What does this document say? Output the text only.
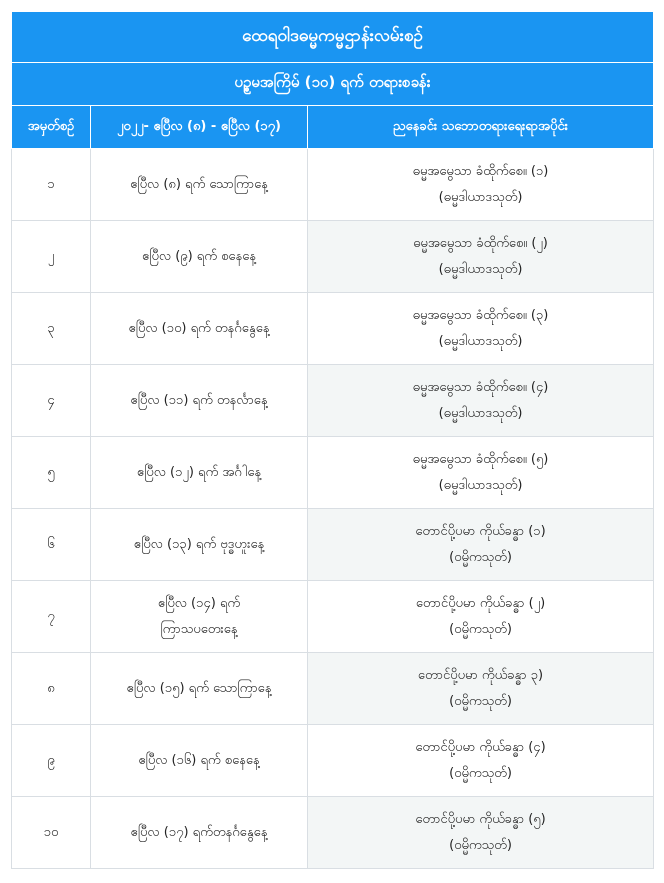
ထေရဝါဒဓမ္မကမ္မဌာန်းလမ်းစဥ်		
ပဥ္စမအကြိမ် (၁၀) ရက် တရားစခန်း		
အမှတ်စဥ်	၂၀၂၂- ဧပြီလ (၈) - ဧပြီလ (၁၇)	ညနေခင်း သဘောတရားရေးရာအပိုင်း
၁	ဧပြီလ (၈) ရက် သောကြာနေ့	ဓမ္မအမွေသာ ခံထိုက်စေ။ (၁)
(ဓမ္မဒါယာဒသုတ်)

၂	ဧပြီလ (၉) ရက် စနေနေ့	ဓမ္မအမွေသာ ခံထိုက်စေ။ (၂)
(ဓမ္မဒါယာဒသုတ်)

၃	ဧပြီလ (၁၀) ရက် တနင်္ဂနွေနေ့	ဓမ္မအမွေသာ ခံထိုက်စေ။ (၃)
(ဓမ္မဒါယာဒသုတ်)

၄	ဧပြီလ (၁၁) ရက် တနင်္လာနေ့	ဓမ္မအမွေသာ ခံထိုက်စေ။ (၄)
(ဓမ္မဒါယာဒသုတ်)

၅	ဧပြီလ (၁၂) ရက် အင်္ဂါနေ့	ဓမ္မအမွေသာ ခံထိုက်စေ။ (၅)
(ဓမ္မဒါယာဒသုတ်)

၆	ဧပြီလ (၁၃) ရက် ဗုဒ္ဓဟူးနေ့	တောင်ပို့ပမာ ကိုယ်ခန္ဓာ (၁)
(ဝမ္မိကသုတ်)

၇	ဧပြီလ (၁၄) ရက်
ကြာသပတေးနေ့	တောင်ပို့ပမာ ကိုယ်ခန္ဓာ (၂)
(ဝမ္မိကသုတ်)

၈	ဧပြီလ (၁၅) ရက် သောကြာနေ့	တောင်ပို့ပမာ ကိုယ်ခန္ဓာ ၃)
(ဝမ္မိကသုတ်)

၉	ဧပြီလ (၁၆) ရက် စနေနေ့	တောင်ပို့ပမာ ကိုယ်ခန္ဓာ (၄)
(ဝမ္မိကသုတ်)

၁၀	ဧပြီလ (၁၇) ရက်တနင်္ဂနွေနေ့	တောင်ပို့ပမာ ကိုယ်ခန္ဓာ (၅)
(ဝမ္မိကသုတ်)
